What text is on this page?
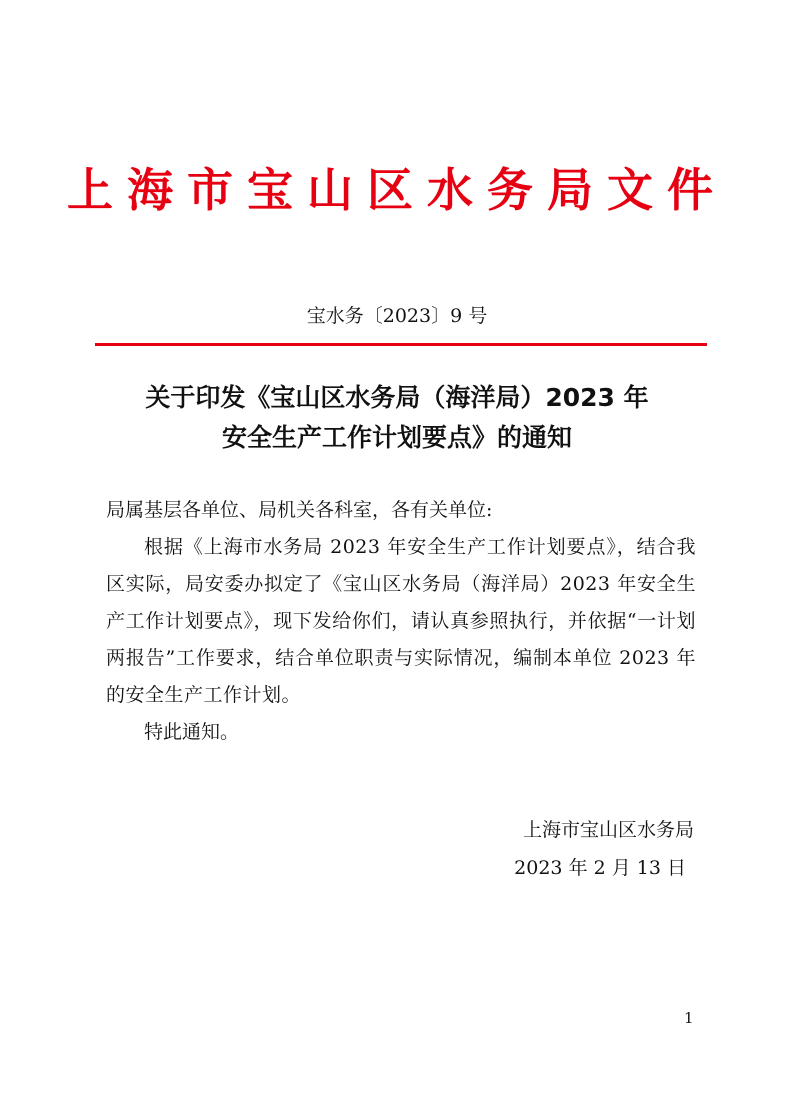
上海市宝山区水务局文件
宝水务〔2023〕9 号
关于印发《宝山区水务局（海洋局）2023 年
安全生产工作计划要点》的通知
局属基层各单位、局机关各科室，各有关单位:
根据《上海市水务局 2023 年安全生产工作计划要点》，结合我区实际，局安委办拟定了《宝山区水务局（海洋局）2023 年安全生产工作计划要点》，现下发给你们，请认真参照执行，并依据“一计划两报告”工作要求，结合单位职责与实际情况，编制本单位 2023 年的安全生产工作计划。
特此通知。
上海市宝山区水务局
2023 年 2 月 13 日
1
